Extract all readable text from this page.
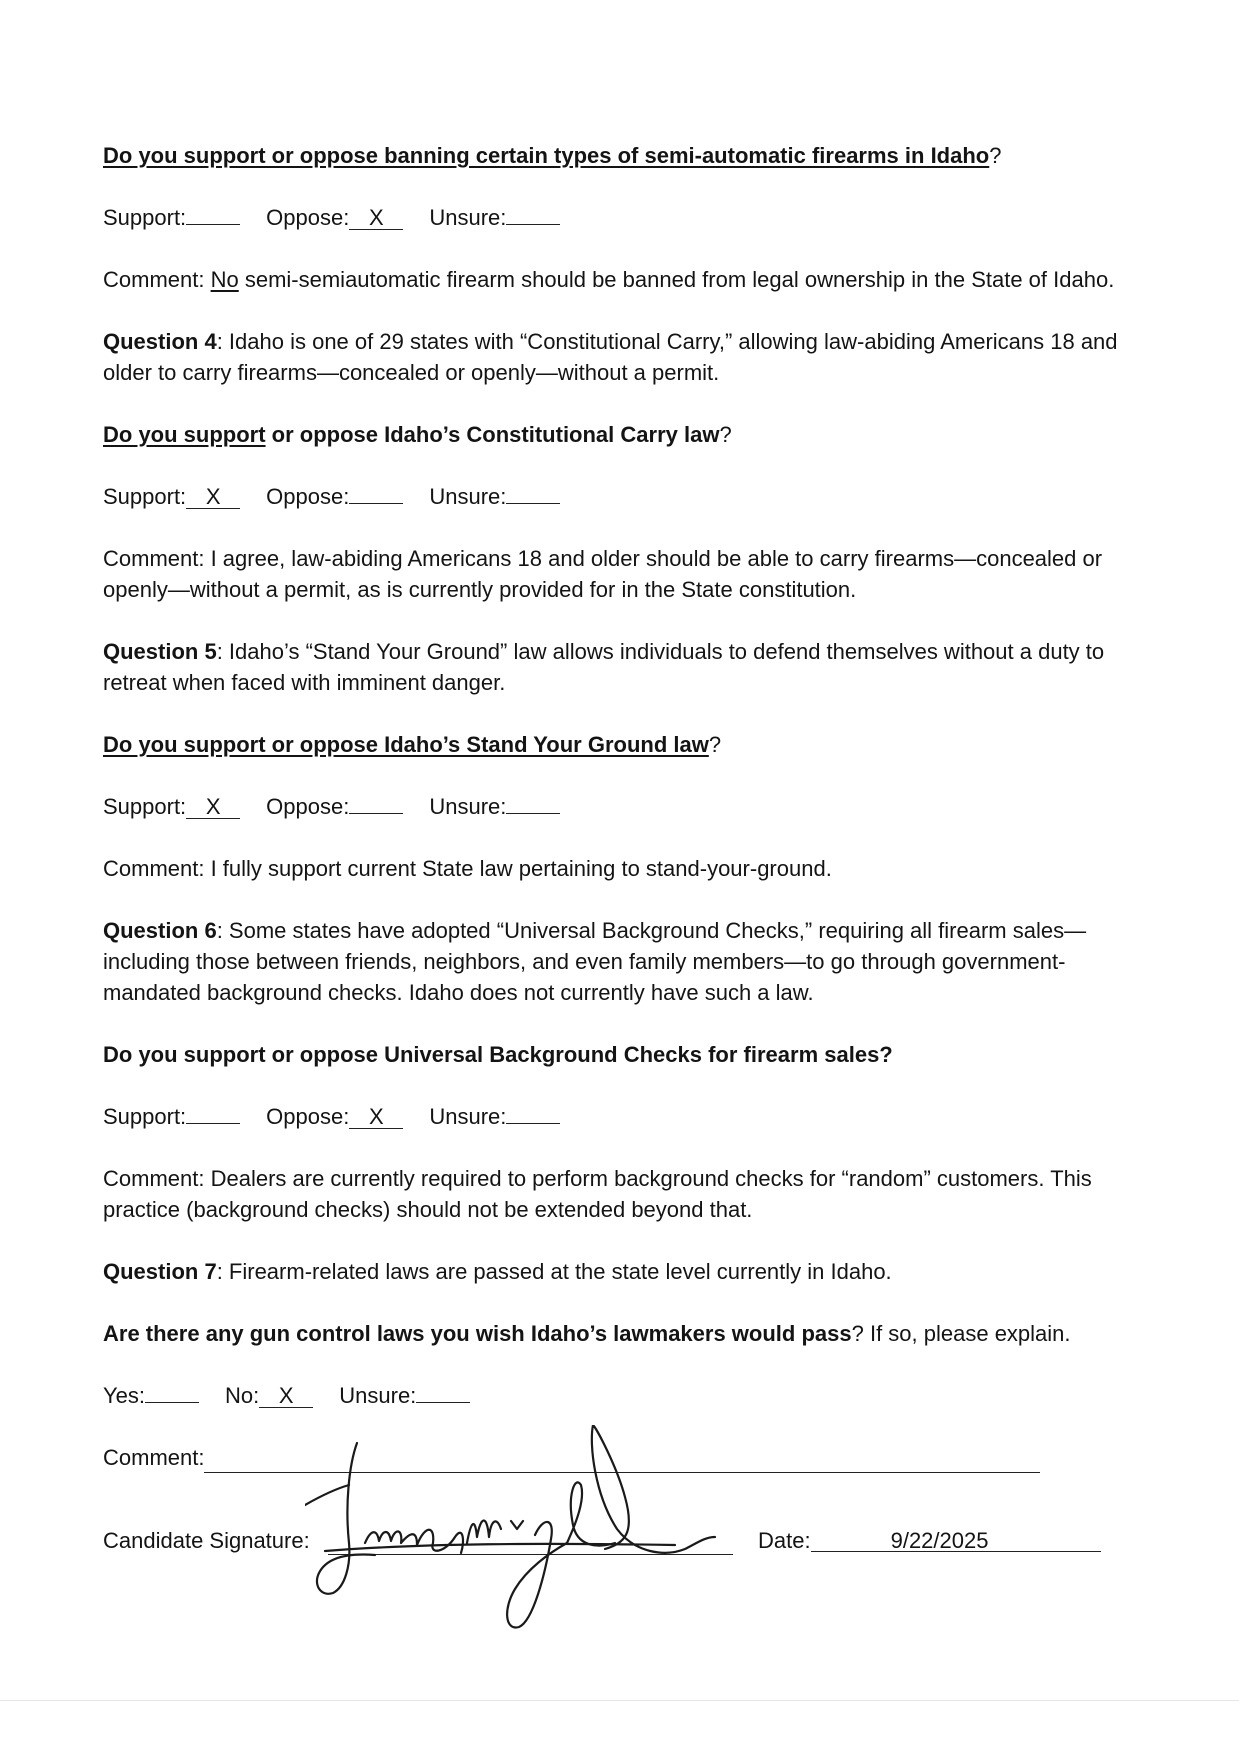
Do you support or oppose banning certain types of semi-automatic firearms in Idaho?

Support:	Oppose: X	Unsure:

Comment: No semi-semiautomatic firearm should be banned from legal ownership in the State of Idaho.

Question 4: Idaho is one of 29 states with “Constitutional Carry,” allowing law-abiding Americans 18 and older to carry firearms—concealed or openly—without a permit.

Do you support or oppose Idaho’s Constitutional Carry law?

Support: X	Oppose:	Unsure:

Comment: I agree, law-abiding Americans 18 and older should be able to carry firearms—concealed or openly—without a permit, as is currently provided for in the State constitution.

Question 5: Idaho’s “Stand Your Ground” law allows individuals to defend themselves without a duty to retreat when faced with imminent danger.

Do you support or oppose Idaho’s Stand Your Ground law?

Support: X	Oppose:	Unsure:

Comment: I fully support current State law pertaining to stand-your-ground.

Question 6: Some states have adopted “Universal Background Checks,” requiring all firearm sales—including those between friends, neighbors, and even family members—to go through government-mandated background checks. Idaho does not currently have such a law.

Do you support or oppose Universal Background Checks for firearm sales?

Support:	Oppose: X	Unsure:

Comment: Dealers are currently required to perform background checks for “random” customers. This practice (background checks) should not be extended beyond that.

Question 7: Firearm-related laws are passed at the state level currently in Idaho.

Are there any gun control laws you wish Idaho’s lawmakers would pass? If so, please explain.

Yes:	No: X	Unsure:

Comment:

Candidate Signature:	Date:	9/22/2025
